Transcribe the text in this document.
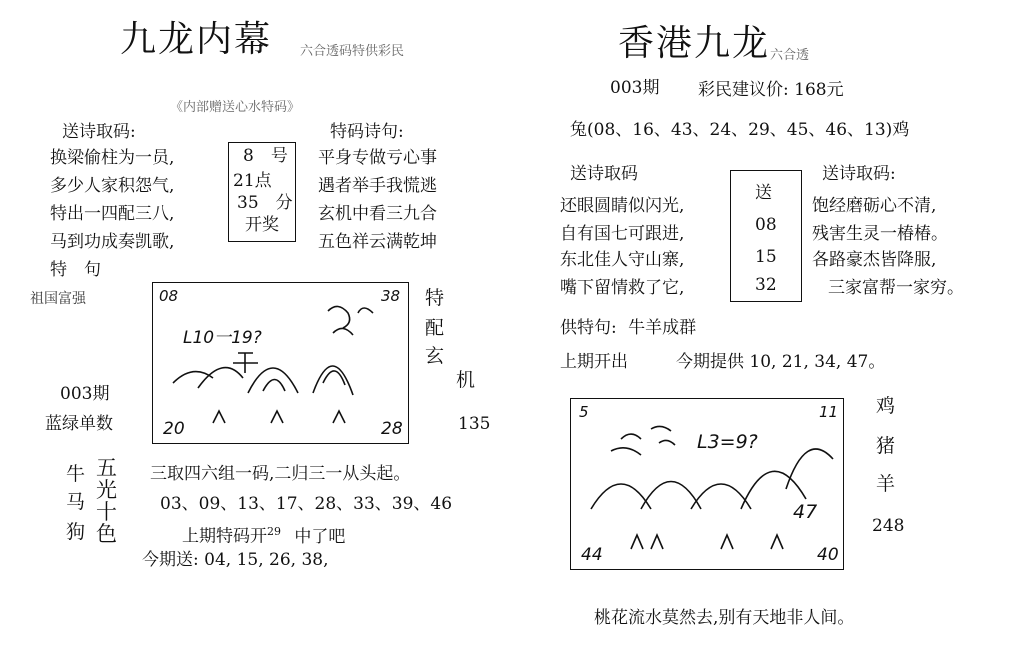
九龙内幕 六合透码特供彩民
《内部赠送心水特码》
送诗取码:
换梁偷柱为一员,
多少人家积怨气,
特出一四配三八,
马到功成奏凯歌,
特　句
祖国富强
8　号
21点
35　分
开奖
特码诗句:
平身专做亏心事
遇者举手我慌逃
玄机中看三九合
五色祥云满乾坤
08	38
L10一19?
20	28
003期
蓝绿单数
特
配
玄
机
135
牛
马
狗
五
光
十
色
三取四六组一码,二归三一从头起。
03、09、13、17、28、33、39、46
上期特码开$^{29}$ 中了吧
今期送: 04, 15, 26, 38,
香港九龙 六合透
003期 彩民建议价: 168元
兔(08、16、43、24、29、45、46、13)鸡
送诗取码	送诗取码:
还眼圆睛似闪光,
自有国七可跟进,
东北佳人守山寨,
嘴下留情救了它,
送
08
15
32
饱经磨砺心不清,
残害生灵一椿椿。
各路豪杰皆降服,
三家富帮一家穷。
供特句: 牛羊成群
上期开出	今期提供 10, 21, 34, 47。
5	11
L3=9?
47
44	40
鸡
猪
羊
248
桃花流水莫然去,别有天地非人间。
